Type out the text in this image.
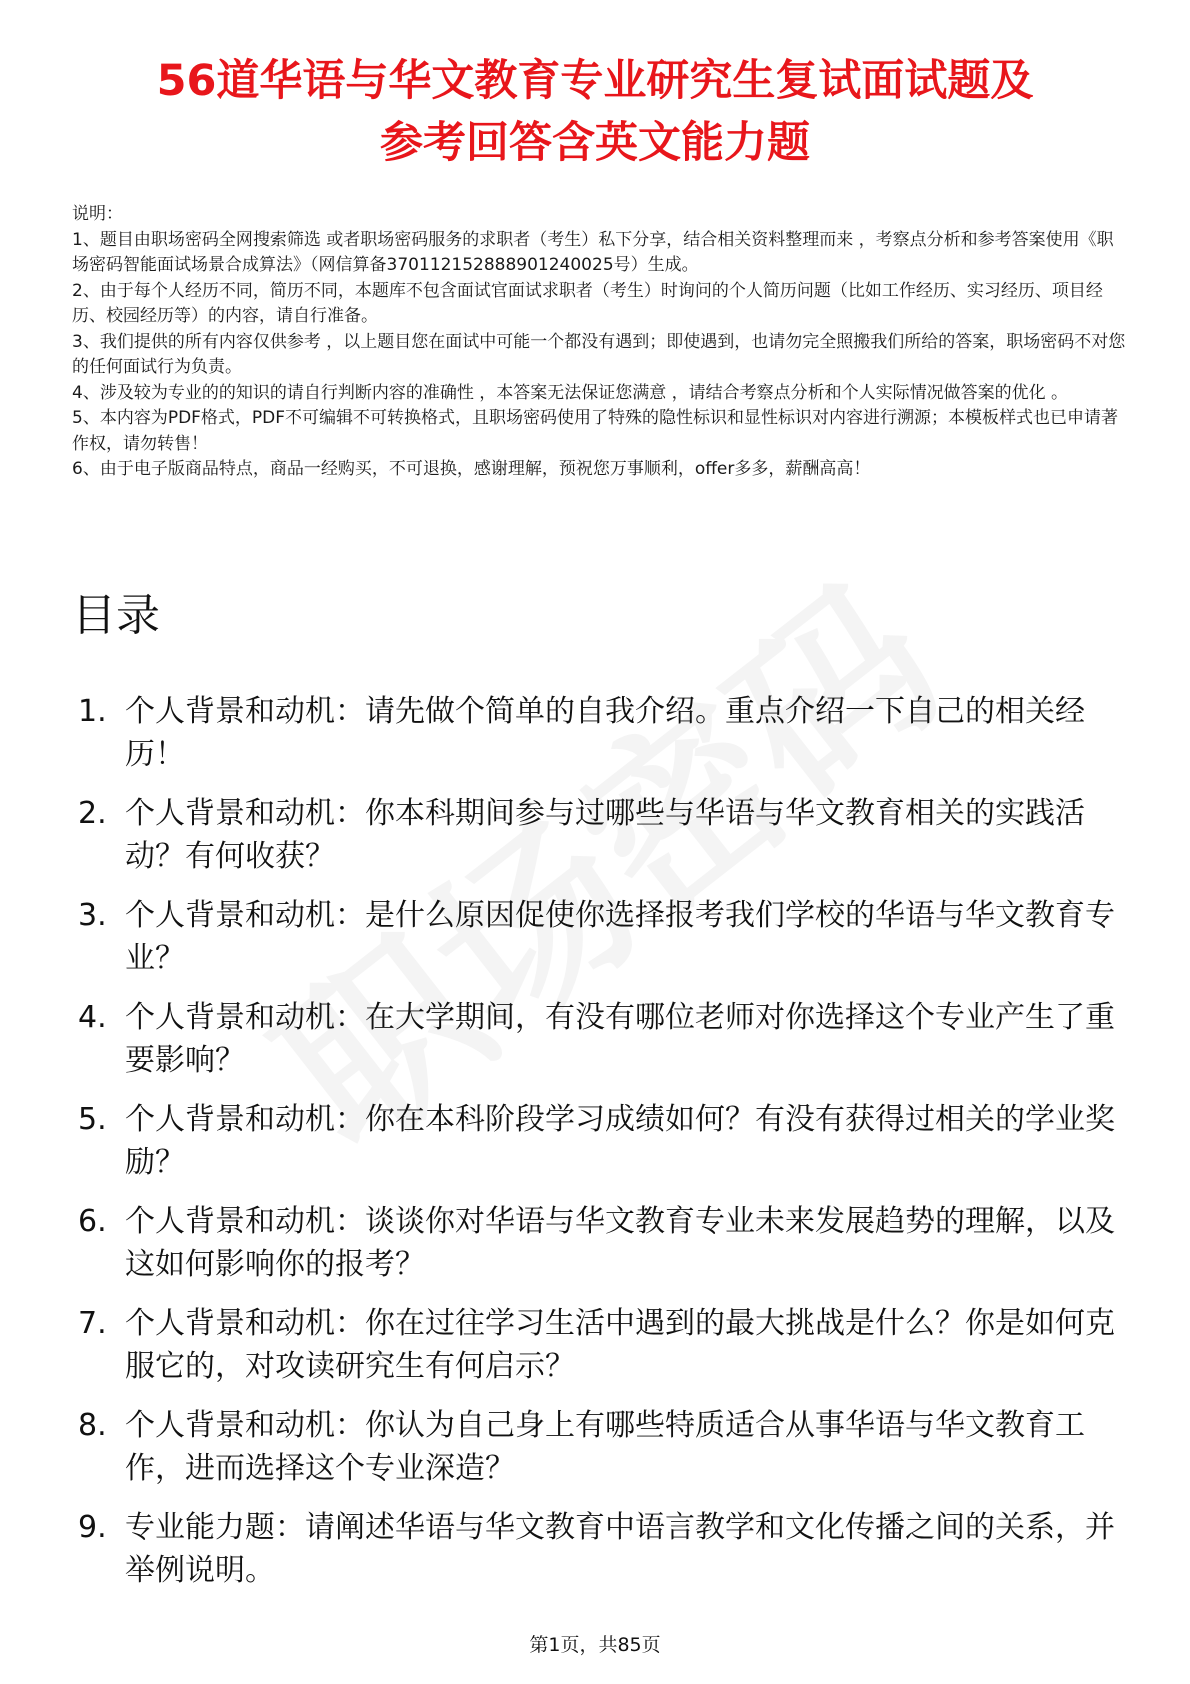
56道华语与华文教育专业研究生复试面试题及
参考回答含英文能力题

说明：

1、题目由职场密码全网搜索筛选 或者职场密码服务的求职者（考生）私下分享，结合相关资料整理而来 ，考察点分析和参考答案使用《职场密码智能面试场景合成算法》（网信算备370112152888901240025号）生成。

2、由于每个人经历不同，简历不同，本题库不包含面试官面试求职者（考生）时询问的个人简历问题（比如工作经历、实习经历、项目经历、校园经历等）的内容，请自行准备。

3、我们提供的所有内容仅供参考 ，以上题目您在面试中可能一个都没有遇到；即使遇到，也请勿完全照搬我们所给的答案，职场密码不对您的任何面试行为负责。

4、涉及较为专业的的知识的请自行判断内容的准确性 ，本答案无法保证您满意 ，请结合考察点分析和个人实际情况做答案的优化 。

5、本内容为PDF格式，PDF不可编辑不可转换格式，且职场密码使用了特殊的隐性标识和显性标识对内容进行溯源；本模板样式也已申请著作权，请勿转售！

6、由于电子版商品特点，商品一经购买，不可退换，感谢理解，预祝您万事顺利，offer多多，薪酬高高！

目录
1. 个人背景和动机：请先做个简单的自我介绍。重点介绍一下自己的相关经历！
2. 个人背景和动机：你本科期间参与过哪些与华语与华文教育相关的实践活动？有何收获？
3. 个人背景和动机：是什么原因促使你选择报考我们学校的华语与华文教育专业？
4. 个人背景和动机：在大学期间，有没有哪位老师对你选择这个专业产生了重要影响？
5. 个人背景和动机：你在本科阶段学习成绩如何？有没有获得过相关的学业奖励？
6. 个人背景和动机：谈谈你对华语与华文教育专业未来发展趋势的理解，以及这如何影响你的报考？
7. 个人背景和动机：你在过往学习生活中遇到的最大挑战是什么？你是如何克服它的，对攻读研究生有何启示？
8. 个人背景和动机：你认为自己身上有哪些特质适合从事华语与华文教育工作，进而选择这个专业深造？
9. 专业能力题：请阐述华语与华文教育中语言教学和文化传播之间的关系，并举例说明。
第1页，共85页
